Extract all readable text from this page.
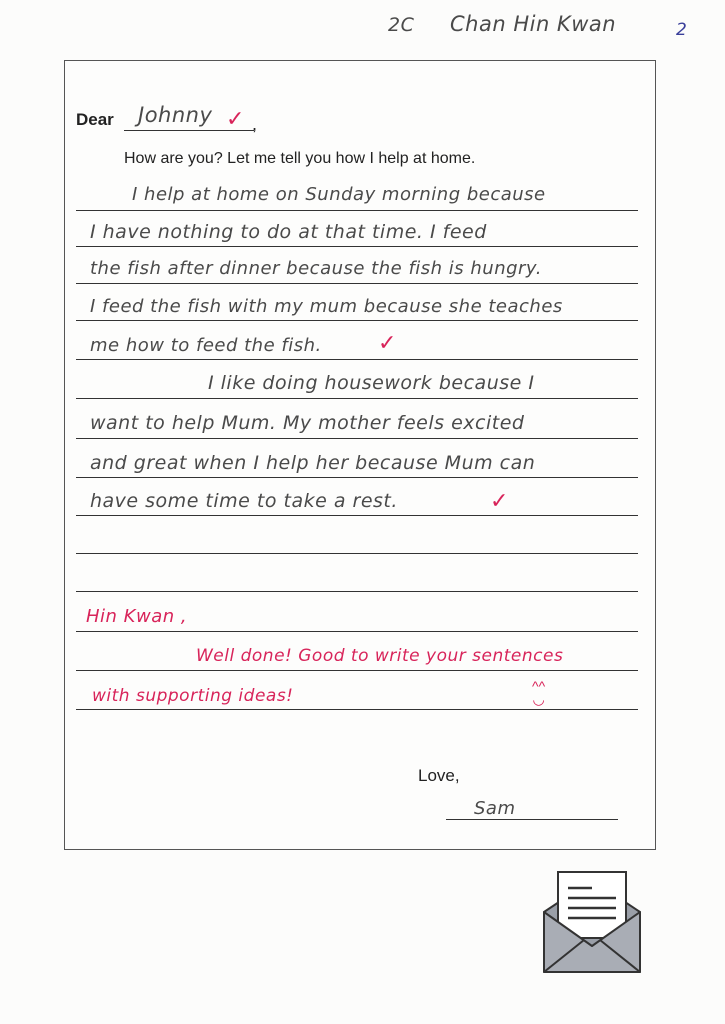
2C Chan Hin Kwan	2
Dear Johnny ✓ ,
How are you? Let me tell you how I help at home.
I help at home on Sunday morning because
I have nothing to do at that time. I feed
the fish after dinner because the fish is hungry.
I feed the fish with my mum because she teaches
me how to feed the fish.	✓
I like doing housework because I
want to help Mum. My mother feels excited
and great when I help her because Mum can
have some time to take a rest.	✓
Hin Kwan ,
Well done! Good to write your sentences
with supporting ideas!	^^
◡
Love,
Sam
